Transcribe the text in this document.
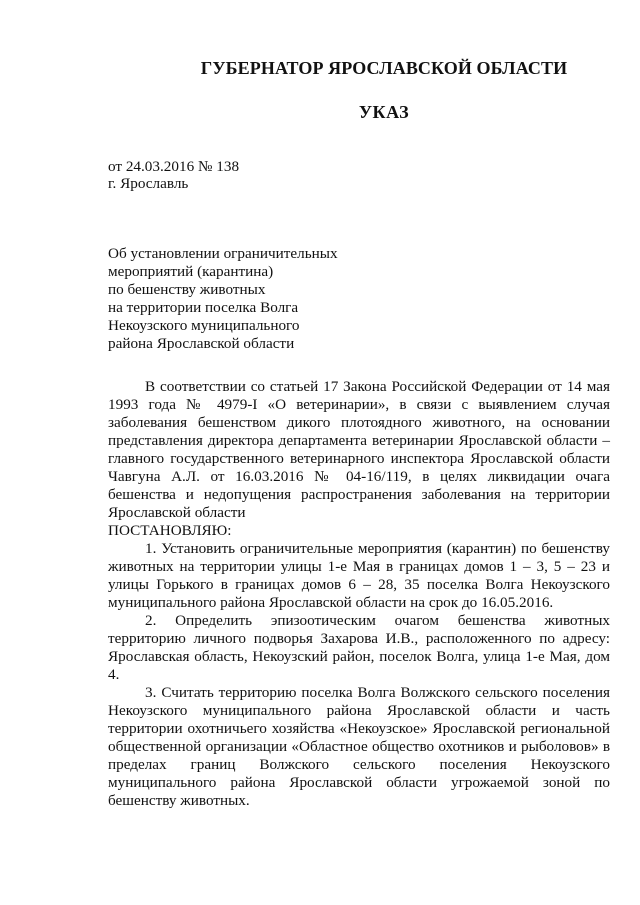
ГУБЕРНАТОР ЯРОСЛАВСКОЙ ОБЛАСТИ
УКАЗ
от 24.03.2016 № 138
г. Ярославль
Об установлении ограничительных
мероприятий (карантина)
по бешенству животных
на территории поселка Волга
Некоузского муниципального
района Ярославской области

В соответствии со статьей 17 Закона Российской Федерации от 14 мая 1993 года № 4979-I «О ветеринарии», в связи с выявлением случая заболевания бешенством дикого плотоядного животного, на основании представления директора департамента ветеринарии Ярославской области – главного государственного ветеринарного инспектора Ярославской области Чавгуна А.Л. от 16.03.2016 № 04-16/119, в целях ликвидации очага бешенства и недопущения распространения заболевания на территории Ярославской области

ПОСТАНОВЛЯЮ:

1. Установить ограничительные мероприятия (карантин) по бешенству животных на территории улицы 1-е Мая в границах домов 1 – 3, 5 – 23 и улицы Горького в границах домов 6 – 28, 35 поселка Волга Некоузского муниципального района Ярославской области на срок до 16.05.2016.

2. Определить эпизоотическим очагом бешенства животных территорию личного подворья Захарова И.В., расположенного по адресу: Ярославская область, Некоузский район, поселок Волга, улица 1-е Мая, дом 4.

3. Считать территорию поселка Волга Волжского сельского поселения Некоузского муниципального района Ярославской области и часть территории охотничьего хозяйства «Некоузское» Ярославской региональной общественной организации «Областное общество охотников и рыболовов» в пределах границ Волжского сельского поселения Некоузского муниципального района Ярославской области угрожаемой зоной по бешенству животных.
